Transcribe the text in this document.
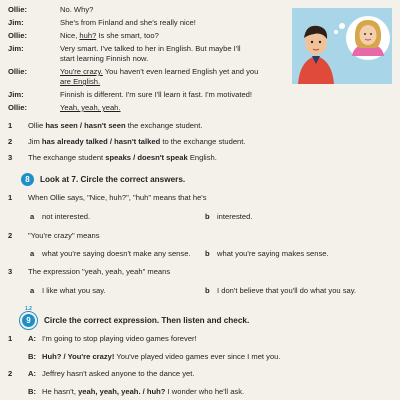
Ollie:	No. Why?
Jim:	She's from Finland and she's really nice!
Ollie:	Nice, huh? Is she smart, too?
Jim:	Very smart. I've talked to her in English. But maybe I'll
start learning Finnish now.
Ollie:	You're crazy. You haven't even learned English yet and you
are English.
Jim:	Finnish is different. I'm sure I'll learn it fast. I'm motivated!
Ollie:	Yeah, yeah, yeah.
1 Ollie has seen / hasn't seen the exchange student.
2 Jim has already talked / hasn't talked to the exchange student.
3 The exchange student speaks / doesn't speak English.
8	Look at 7. Circle the correct answers.
1 When Ollie says, "Nice, huh?", "huh" means that he's
a not interested.	b interested.
2 "You're crazy" means
a what you're saying doesn't make any sense. b what you're saying makes sense.
3 The expression "yeah, yeah, yeah" means
a I like what you say.	b I don't believe that you'll do what you say.
1.2
9	Circle the correct expression. Then listen and check.
1 A: I'm going to stop playing video games forever!
B: Huh? / You're crazy! You've played video games ever since I met you.
2 A: Jeffrey hasn't asked anyone to the dance yet.
B: He hasn't, yeah, yeah, yeah. / huh? I wonder who he'll ask.
